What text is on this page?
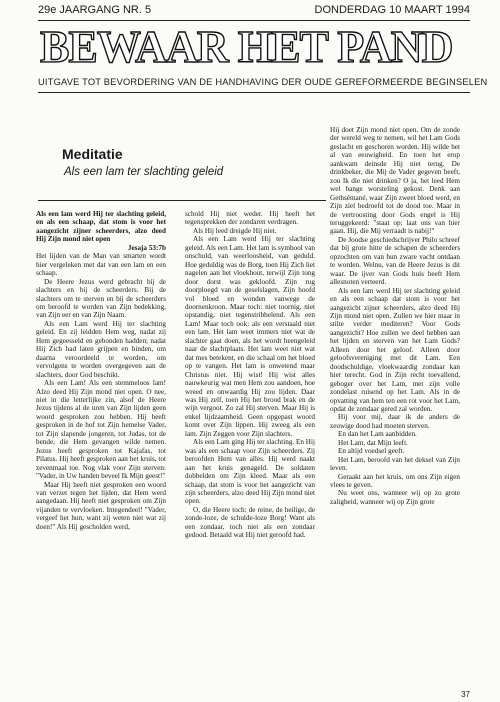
29e JAARGANG NR. 5	DONDERDAG 10 MAART 1994
BEWAAR HET PAND
UITGAVE TOT BEVORDERING VAN DE HANDHAVING DER OUDE GEREFORMEERDE BEGINSELEN
Meditatie
Als een lam ter slachting geleid

Als een lam werd Hij ter slachting geleid, en als een schaap, dat stom is voor het aangezicht zijner scheerders, alzo deed Hij Zijn mond niet open

Jesaja 53:7b

Het lijden van de Man van smarten wordt hier vergeleken met dat van een lam en een schaap.

De Heere Jezus werd gebracht bij de slachters en bij de scheerders. Bij de slachters om te sterven en bij de scheerders om beroofd te worden van Zijn bedekking, van Zijn eer en van Zijn Naam.

Als een Lam werd Hij ter slachting geleid. En zij leidden Hem weg, nadat zij Hem gegeesseld en gebonden hadden; nadat Hij Zich had laten grijpen en binden, om daarna veroordeeld te worden, om vervolgens te worden overgegeven aan de slachters, door God beschikt.

Als een Lam! Als een stemmeloos lam! Alzo deed Hij Zijn mond niet open. O nee, niet in die letterlijke zin, alsof de Heere Jezus tijdens al de uren van Zijn lijden geen woord gesproken zou hebben. Hij heeft gesproken in de hof tot Zijn hemelse Vader, tot Zijn slapende jongeren, tot Judas, tot de bende, die Hem gevangen wilde nemen. Jezus heeft gesproken tot Kajafas, tot Pilatus. Hij heeft gesproken aan het kruis, tot zevenmaal toe. Nog vlak voor Zijn sterven: "Vader, in Uw handen beveel Ik Mijn geest!"

Maar Hij heeft niet gesproken een woord van verzet tegen het lijden, dat Hem werd aangedaan. Hij heeft niet gesproken om Zijn vijanden te vervloeken. Integendeel! "Vader, vergeef het hun, want zij weten niet wat zij doen!" Als Hij gescholden werd,

schold Hij niet weder. Hij heeft het tegensprekken der zondaren verdragen.

Als Hij leed dreigde Hij niet.

Als een Lam werd Hij ter slachting geleid. Als een Lam. Het lam is symbool van onschuld, van weerloosheid, van geduld. Hoe geduldig was de Borg, toen Hij Zich liet nagelen aan het vloekhout, terwijl Zijn tong door dorst was gekloofd. Zijn rug doorploegd van de geselslagen, Zijn hoofd vol bloed en wonden vanwege de doornenkroon. Maar toch: niet toornig, niet opstandig, niet tegenstribbelend. Als een Lam! Maar toch ook: als een verstaald niet een lam. Het lam weet immers niet wat de slachter gaat doen, als het wordt heengeleid naar de slachtplaats. Het lam weet niet wat dat mes betekent, en die schaal om het bloed op te vangen. Het lam is onwetend maar Christus niet. Hij wist! Hij wist alles nauwkeurig wat men Hem zou aandoen, hoe wreed en onwaardig Hij zou lijden. Daar was Hij zelf, toen Hij het brood brak en de wijn vergoot. Zo zal Hij sterven. Maar Hij is enkel lijdzaamheid. Geen opgepast woord komt over Zijn lippen. Hij zweeg als een lam. Zijn Zeggen voor Zijn slachters.

Als een Lam ging Hij ter slachting. En Hij was als een schaap voor Zijn scheerders. Zij beroofden Hem van alles. Hij werd naakt aan het kruis genageld. De soldaten dobbelden om Zijn kleed. Maar als een schaap, dat stom is voor het aangezicht van zijn scheerders, alzo deed Hij Zijn mond niet open.

O, die Heere toch: de reine, de heilige, de zonde-loze, de schulde-loze Borg! Want als een zondaar, toch niet als een zondaar gedood. Betaald wat Hij niet geroofd had.

Hij doet Zijn mond niet open. Om de zonde der wereld weg te nemen, wil het Lam Gods geslacht en geschoren worden. Hij wilde het al van eeuwigheid. En toen het erop aankwam deinsde Hij niet terug. De drinkbeker, die Mij de Vader gegeven heeft, zou Ik die niet drinken? O ja, het leed Hem wel bange worsteling gekost. Denk aan Gethsémané, waar Zijn zweet bloed werd, en Zijn ziel bedroefd tot de dood toe. Maar in de vertroosting door Gods engel is Hij teruggekeerd: "staat op; laat ons van hier gaan. Hij, die Mij verraadt is nabij!"

De Joodse geschiedschrijver Philo schreef dat bij grote hitte de schapen de scheerders opzochten om van hun zware vacht ontdaan te worden. Welnu, van de Heere Jezus is dit waar. De ijver van Gods huis heeft Hem allesnoten verteerd.

Als een lam werd Hij ter slachting geleid en als een schaap dat stom is voor het aangezicht zijner scheerders, alzo deed Hij Zijn mond niet open. Zullen we hier maar in stilte verder mediteren? Voor Gods aangezicht? Hoe zullen we deel hebben aan het lijden en sterven van het Lam Gods? Alleen door het geloof. Alleen door geloofsvereniging met dit Lam. Een doodschuldige, vloekwaardig zondaar kan hier terecht. God in Zijn recht toevallend, geboger over het Lam, met zijn volle zondelast ruisend op het Lam. Als in de opvatting van hem ten een rot voor het Lam, opdat de zondaar gered zal worden.

Hij voor mij, daar ik de anders de zeuwige dood had moeten sterven.

En dan het Lam aanbidden.

Het Lam, dat Mijn leeft.

En altijd voedsel geeft.

Het Lam, beroofd van het deksel van Zijn leven.

Geraakt aan het kruis, om ons Zijn eigen vlees te geven.

Nu weet ons, wanneer wij op zo grote zaligheid, wanneer wij op Zijn grote

37
